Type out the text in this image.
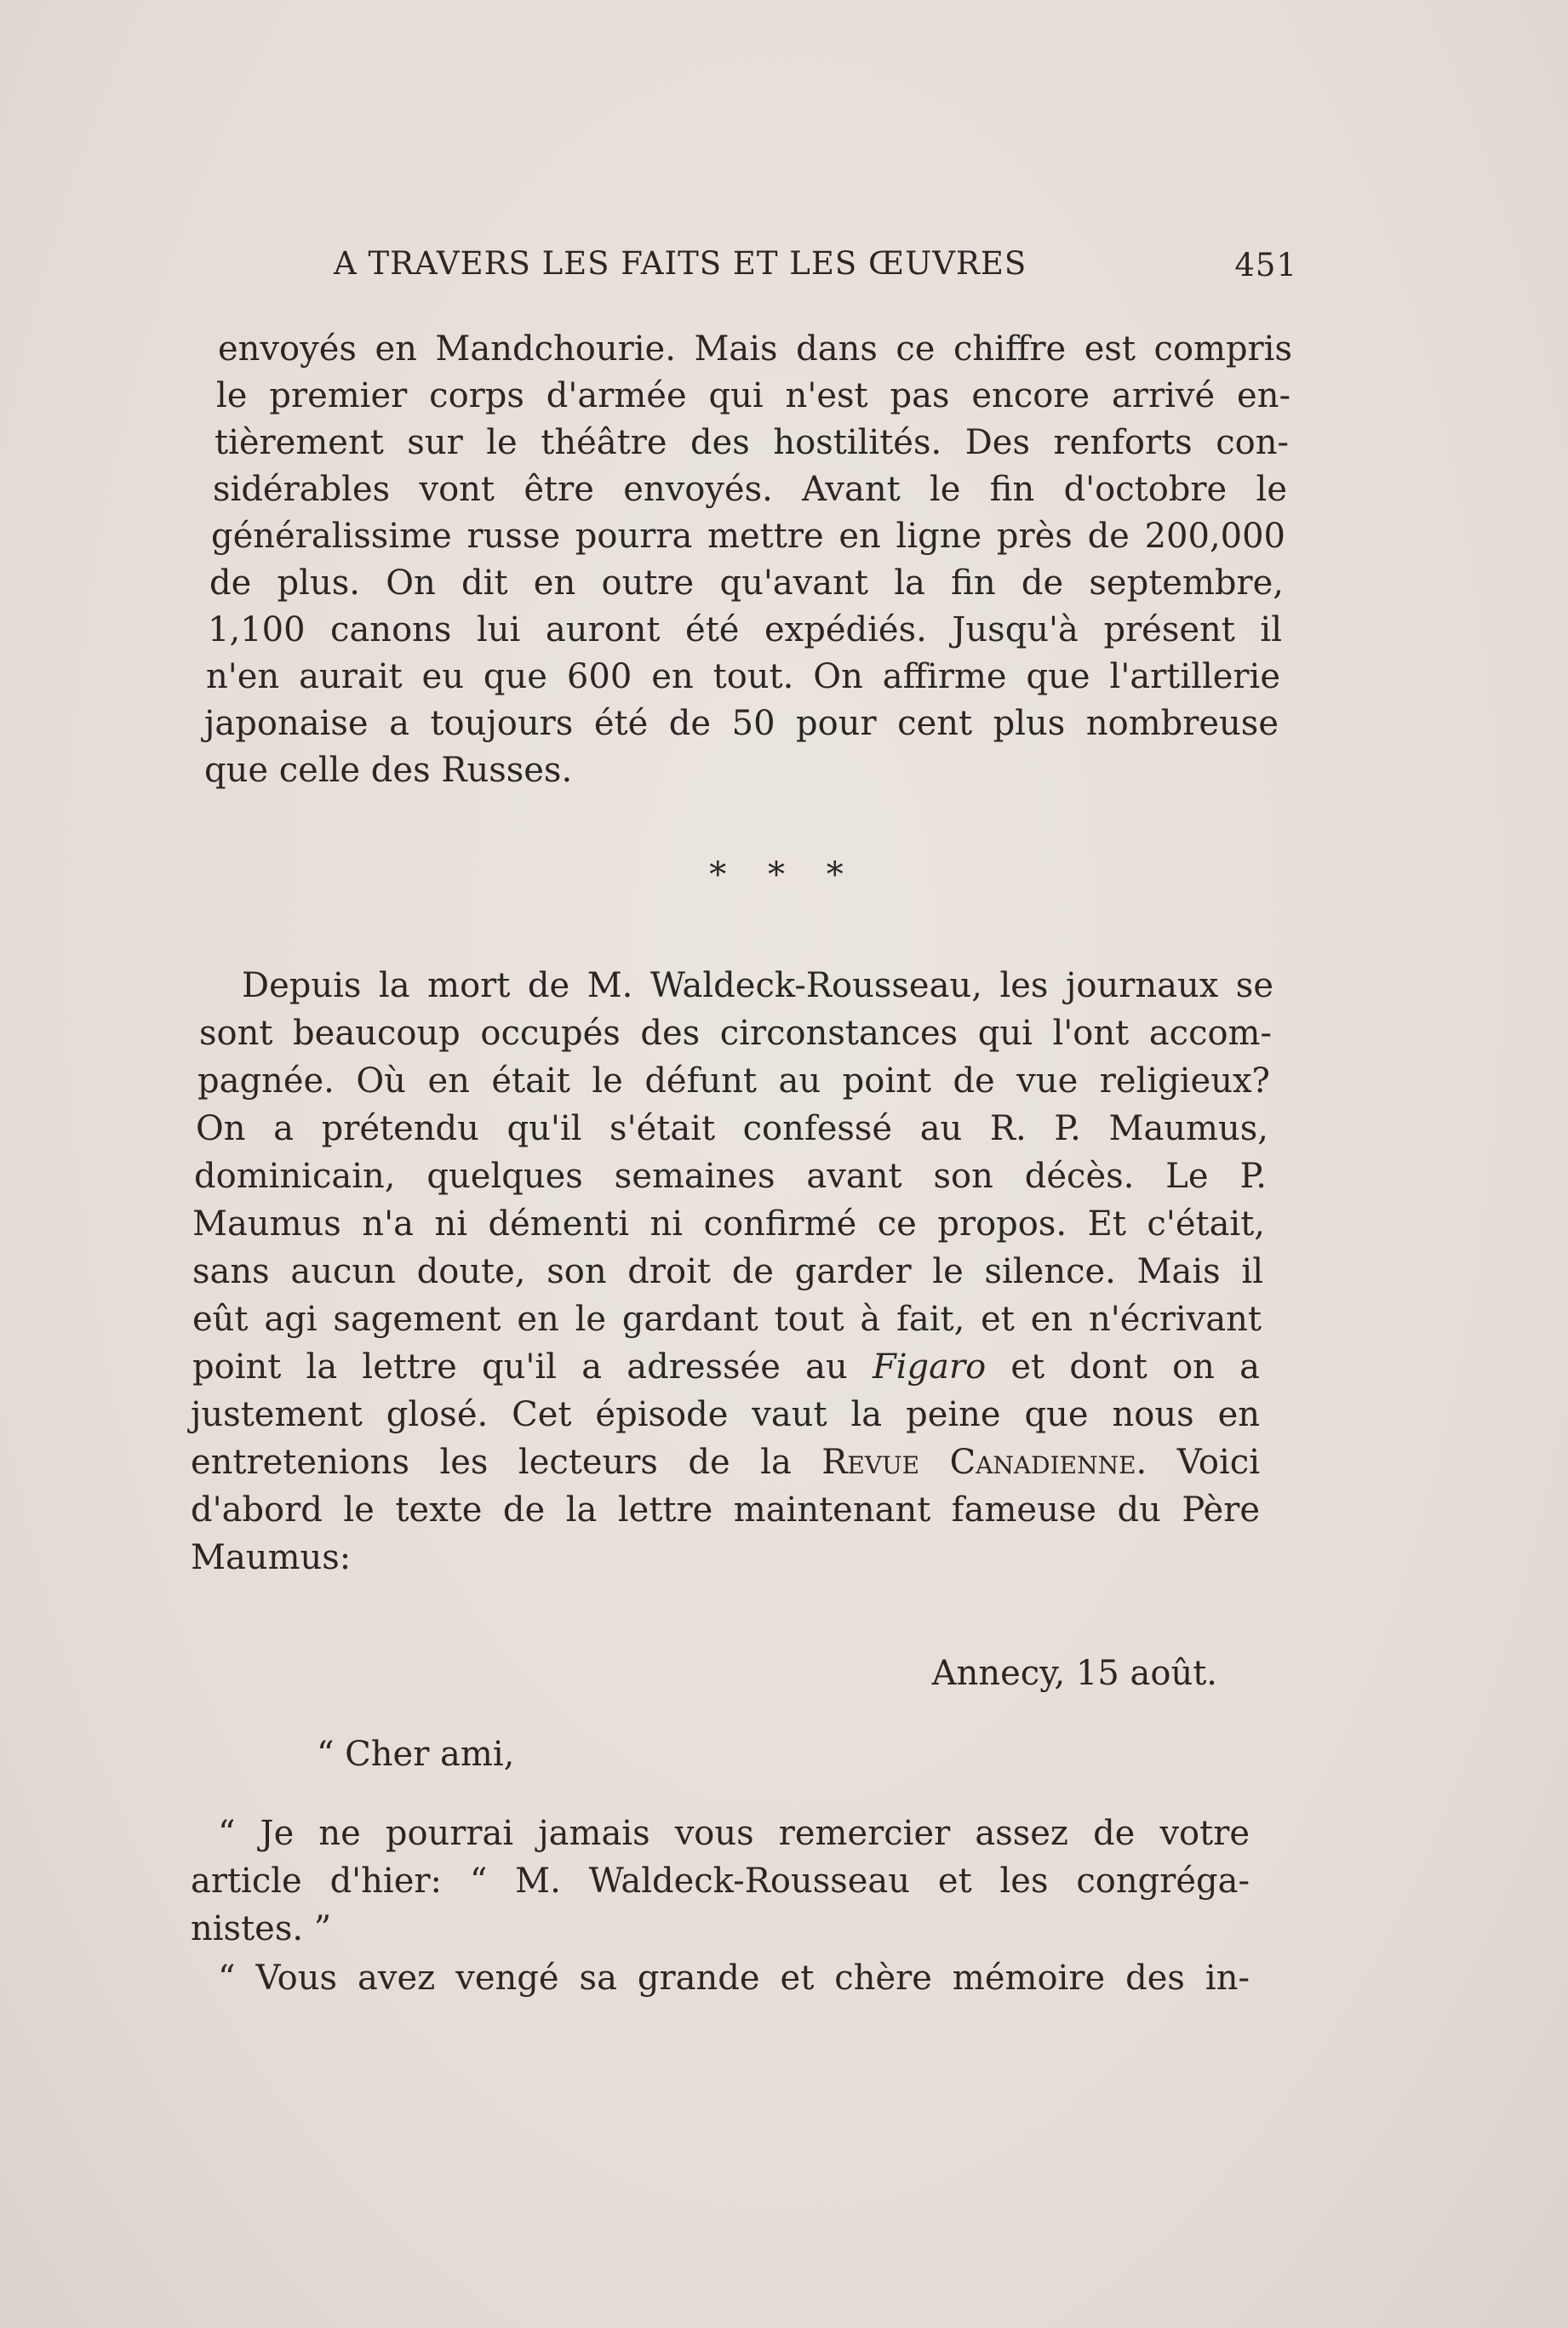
A TRAVERS LES FAITS ET LES ŒUVRES	451
envoyés en Mandchourie. Mais dans ce chiffre est compris
le premier corps d'armée qui n'est pas encore arrivé en-
tièrement sur le théâtre des hostilités. Des renforts con-
sidérables vont être envoyés. Avant le fin d'octobre le
généralissime russe pourra mettre en ligne près de 200,000
de plus. On dit en outre qu'avant la fin de septembre,
1,100 canons lui auront été expédiés. Jusqu'à présent il
n'en aurait eu que 600 en tout. On affirme que l'artillerie
japonaise a toujours été de 50 pour cent plus nombreuse
que celle des Russes.
* * *
Depuis la mort de M. Waldeck-Rousseau, les journaux se
sont beaucoup occupés des circonstances qui l'ont accom-
pagnée. Où en était le défunt au point de vue religieux?
On a prétendu qu'il s'était confessé au R. P. Maumus,
dominicain, quelques semaines avant son décès. Le P.
Maumus n'a ni démenti ni confirmé ce propos. Et c'était,
sans aucun doute, son droit de garder le silence. Mais il
eût agi sagement en le gardant tout à fait, et en n'écrivant
point la lettre qu'il a adressée au Figaro et dont on a
justement glosé. Cet épisode vaut la peine que nous en
entretenions les lecteurs de la Revue Canadienne. Voici
d'abord le texte de la lettre maintenant fameuse du Père
Maumus:
Annecy, 15 août.
“ Cher ami,
“ Je ne pourrai jamais vous remercier assez de votre
article d'hier: “ M. Waldeck-Rousseau et les congréga-
nistes. ”
“ Vous avez vengé sa grande et chère mémoire des in-
